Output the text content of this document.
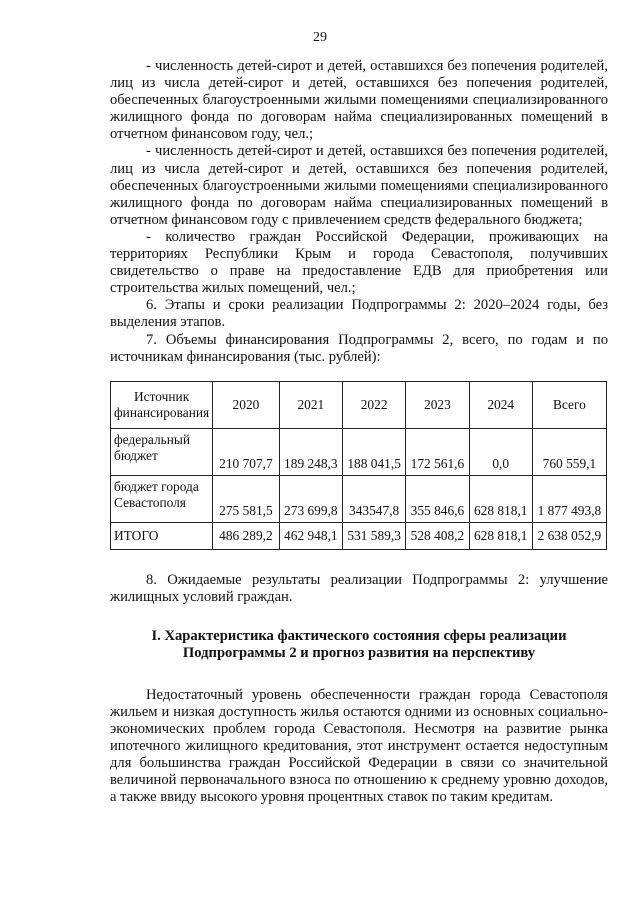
29

- численность детей-сирот и детей, оставшихся без попечения родителей, лиц из числа детей-сирот и детей, оставшихся без попечения родителей, обеспеченных благоустроенными жилыми помещениями специализированного жилищного фонда по договорам найма специализированных помещений в отчетном финансовом году, чел.;

- численность детей-сирот и детей, оставшихся без попечения родителей, лиц из числа детей-сирот и детей, оставшихся без попечения родителей, обеспеченных благоустроенными жилыми помещениями специализированного жилищного фонда по договорам найма специализированных помещений в отчетном финансовом году с привлечением средств федерального бюджета;

- количество граждан Российской Федерации, проживающих на территориях Республики Крым и города Севастополя, получивших свидетельство о праве на предоставление ЕДВ для приобретения или строительства жилых помещений, чел.;

6. Этапы и сроки реализации Подпрограммы 2: 2020–2024 годы, без выделения этапов.

7. Объемы финансирования Подпрограммы 2, всего, по годам и по источникам финансирования (тыс. рублей):

Источник финансирования	2020	2021	2022	2023	2024	Всего
федеральный бюджет	210 707,7	189 248,3	188 041,5	172 561,6	0,0	760 559,1
бюджет города Севастополя	275 581,5	273 699,8	343547,8	355 846,6	628 818,1	1 877 493,8
ИТОГО	486 289,2	462 948,1	531 589,3	528 408,2	628 818,1	2 638 052,9

8. Ожидаемые результаты реализации Подпрограммы 2: улучшение жилищных условий граждан.

I. Характеристика фактического состояния сферы реализации
Подпрограммы 2 и прогноз развития на перспективу

Недостаточный уровень обеспеченности граждан города Севастополя жильем и низкая доступность жилья остаются одними из основных социально-экономических проблем города Севастополя. Несмотря на развитие рынка ипотечного жилищного кредитования, этот инструмент остается недоступным для большинства граждан Российской Федерации в связи со значительной величиной первоначального взноса по отношению к среднему уровню доходов, а также ввиду высокого уровня процентных ставок по таким кредитам.
